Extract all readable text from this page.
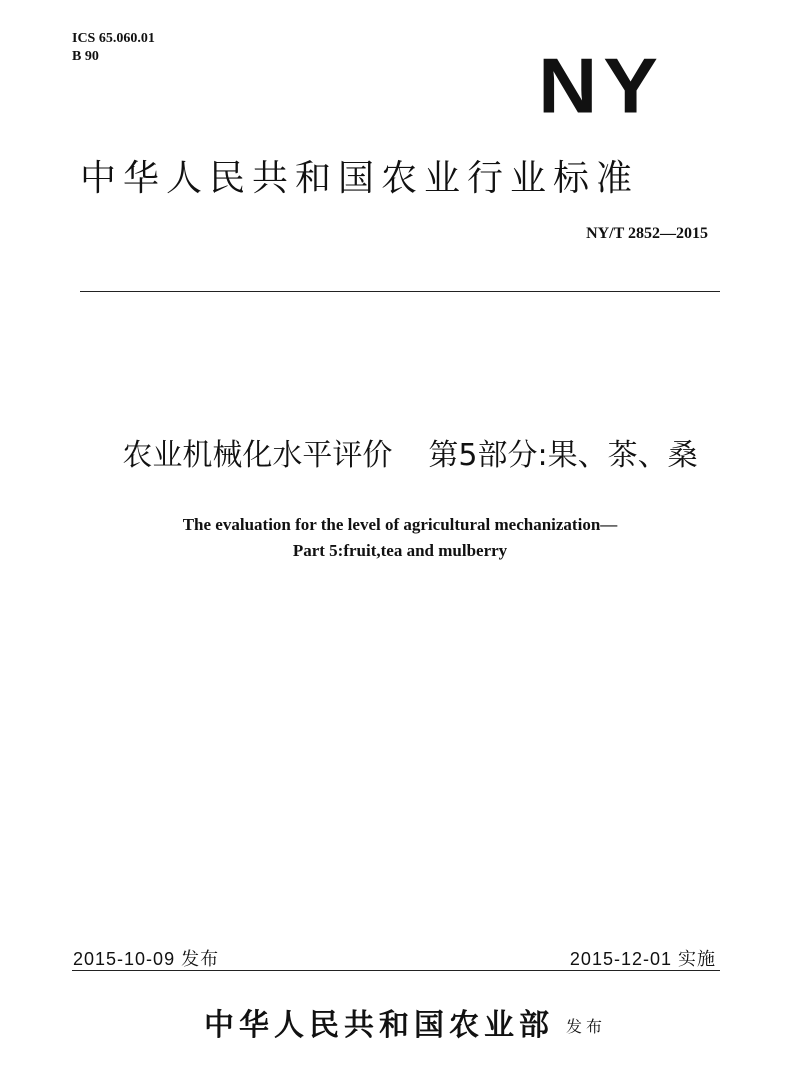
ICS 65.060.01
B 90	NY
中华人民共和国农业行业标准
NY/T 2852—2015
农业机械化水平评价 第5部分:果、茶、桑
The evaluation for the level of agricultural mechanization—
Part 5:fruit,tea and mulberry
2015-10-09 发布	2015-12-01 实施
中华人民共和国农业部 发布
